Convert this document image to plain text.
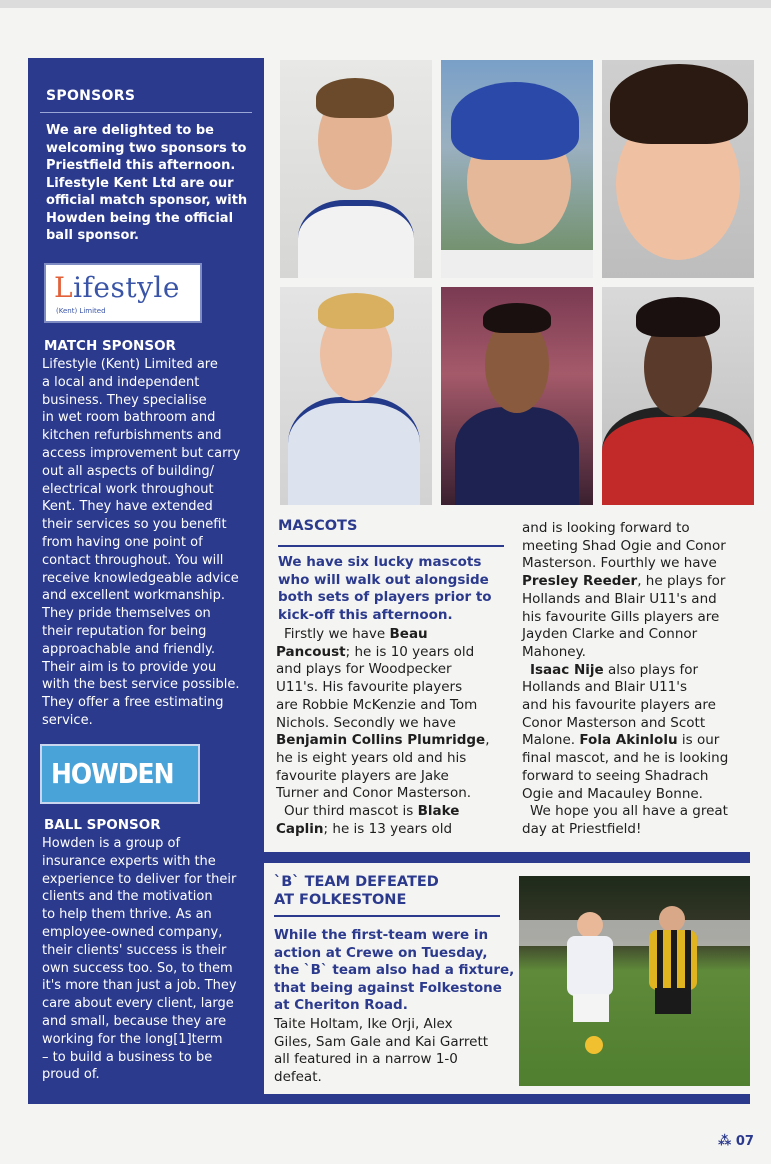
SPONSORS
We are delighted to be
welcoming two sponsors to
Priestfield this afternoon.
Lifestyle Kent Ltd are our
official match sponsor, with
Howden being the official
ball sponsor.
Lifestyle
(Kent) Limited
MATCH SPONSOR
Lifestyle (Kent) Limited are
a local and independent
business. They specialise
in wet room bathroom and
kitchen refurbishments and
access improvement but carry
out all aspects of building/
electrical work throughout
Kent. They have extended
their services so you benefit
from having one point of
contact throughout. You will
receive knowledgeable advice
and excellent workmanship.
They pride themselves on
their reputation for being
approachable and friendly.
Their aim is to provide you
with the best service possible.
They offer a free estimating
service.
HOWDEN
BALL SPONSOR
Howden is a group of
insurance experts with the
experience to deliver for their
clients and the motivation
to help them thrive. As an
employee-owned company,
their clients' success is their
own success too. So, to them
it's more than just a job. They
care about every client, large
and small, because they are
working for the long[1]term
– to build a business to be
proud of.
MASCOTS
We have six lucky mascots
who will walk out alongside
both sets of players prior to
kick-off this afternoon.
Firstly we have Beau
Pancoust; he is 10 years old
and plays for Woodpecker
U11's. His favourite players
are Robbie McKenzie and Tom
Nichols. Secondly we have
Benjamin Collins Plumridge,
he is eight years old and his
favourite players are Jake
Turner and Conor Masterson.
Our third mascot is Blake
Caplin; he is 13 years old
and is looking forward to
meeting Shad Ogie and Conor
Masterson. Fourthly we have
Presley Reeder, he plays for
Hollands and Blair U11's and
his favourite Gills players are
Jayden Clarke and Connor
Mahoney.
Isaac Nije also plays for
Hollands and Blair U11's
and his favourite players are
Conor Masterson and Scott
Malone. Fola Akinlolu is our
final mascot, and he is looking
forward to seeing Shadrach
Ogie and Macauley Bonne.
We hope you all have a great
day at Priestfield!
`B` TEAM DEFEATED
AT FOLKESTONE
While the first-team were in
action at Crewe on Tuesday,
the `B` team also had a fixture,
that being against Folkestone
at Cheriton Road.
Taite Holtam, Ike Orji, Alex
Giles, Sam Gale and Kai Garrett
all featured in a narrow 1-0
defeat.
⁂ 07
